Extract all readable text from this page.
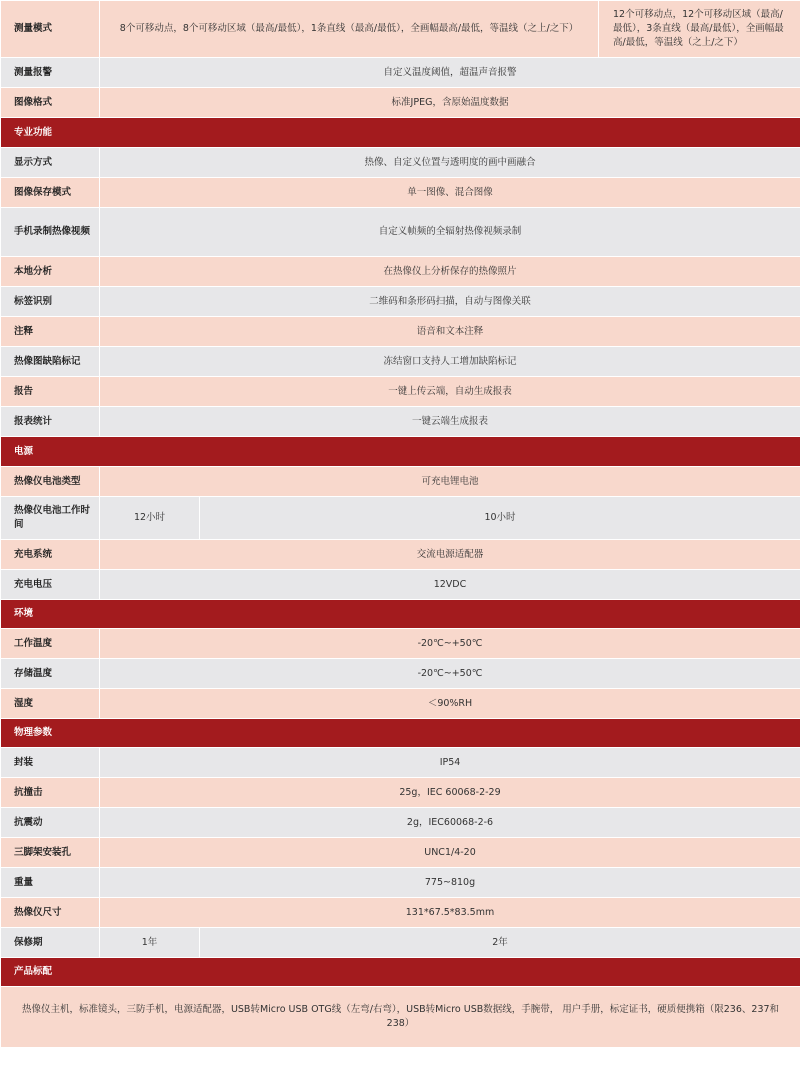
测量模式	8个可移动点，8个可移动区域（最高/最低），1条直线（最高/最低），全画幅最高/最低，等温线（之上/之下）		12个可移动点，12个可移动区域（最高/最低），3条直线（最高/最低），全画幅最高/最低，等温线（之上/之下）
测量报警	自定义温度阈值，超温声音报警		
图像格式	标准JPEG，含原始温度数据		
专业功能			
显示方式	热像、自定义位置与透明度的画中画融合		
图像保存模式	单一图像、混合图像		
手机录制热像视频	自定义帧频的全辐射热像视频录制		
本地分析	在热像仪上分析保存的热像照片		
标签识别	二维码和条形码扫描，自动与图像关联		
注释	语音和文本注释		
热像图缺陷标记	冻结窗口支持人工增加缺陷标记		
报告	一键上传云端，自动生成报表		
报表统计	一键云端生成报表		
电源			
热像仪电池类型	可充电锂电池		
热像仪电池工作时间	12小时	10小时	
充电系统	交流电源适配器		
充电电压	12VDC		
环境			
工作温度	-20℃~+50℃		
存储温度	-20℃~+50℃		
湿度	＜90%RH		
物理参数			
封装	IP54		
抗撞击	25g，IEC 60068-2-29		
抗震动	2g，IEC60068-2-6		
三脚架安装孔	UNC1/4-20		
重量	775~810g		
热像仪尺寸	131*67.5*83.5mm		
保修期	1年	2年	
产品标配			
热像仪主机，标准镜头，三防手机，电源适配器，USB转Micro USB OTG线（左弯/右弯），USB转Micro USB数据线，手腕带， 用户手册，标定证书，硬质便携箱（限236、237和238）			
